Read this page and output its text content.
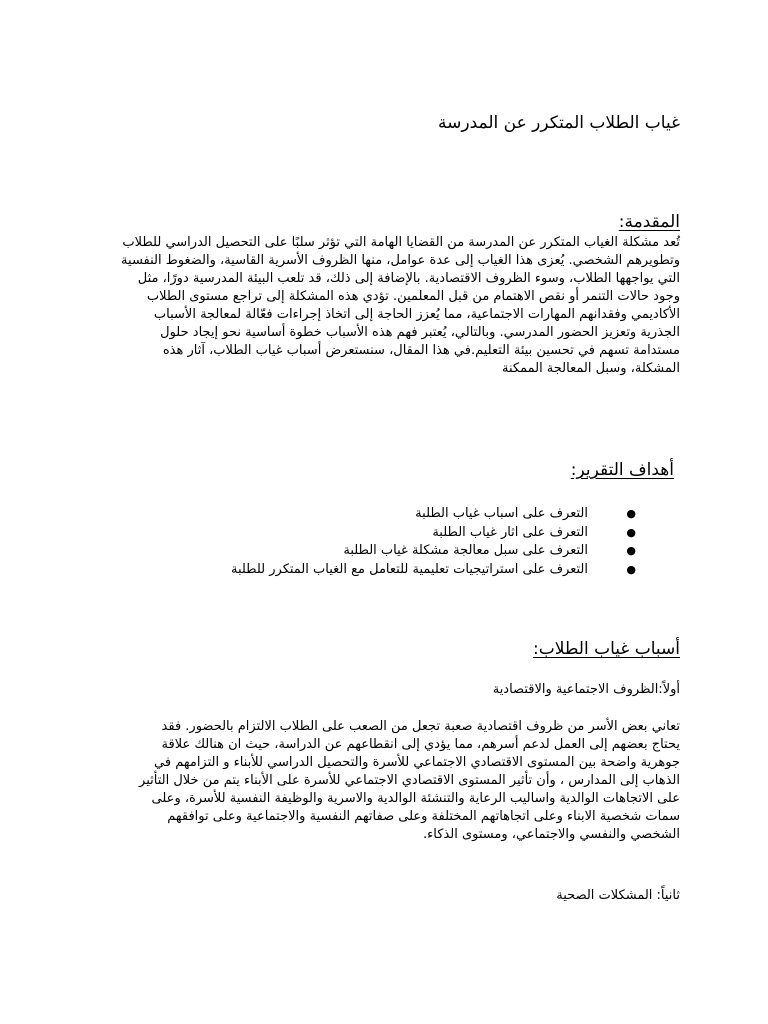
غياب الطلاب المتكرر عن المدرسة
المقدمة:

تُعد مشكلة الغياب المتكرر عن المدرسة من القضايا الهامة التي تؤثر سلبًا على التحصيل الدراسي للطلاب

وتطويرهم الشخصي. يُعزى هذا الغياب إلى عدة عوامل، منها الظروف الأسرية القاسية، والضغوط النفسية

التي يواجهها الطلاب، وسوء الظروف الاقتصادية. بالإضافة إلى ذلك، قد تلعب البيئة المدرسية دورًا، مثل

وجود حالات التنمر أو نقص الاهتمام من قبل المعلمين. تؤدي هذه المشكلة إلى تراجع مستوى الطلاب

الأكاديمي وفقدانهم المهارات الاجتماعية، مما يُعزز الحاجة إلى اتخاذ إجراءات فعّالة لمعالجة الأسباب

الجذرية وتعزيز الحضور المدرسي. وبالتالي، يُعتبر فهم هذه الأسباب خطوة أساسية نحو إيجاد حلول

مستدامة تسهم في تحسين بيئة التعليم.في هذا المقال، سنستعرض أسباب غياب الطلاب، آثار هذه

المشكلة، وسبل المعالجة الممكنة

أهداف التقرير:
●
التعرف على اسباب غياب الطلبة
●
التعرف على اثار غياب الطلبة
●
التعرف على سبل معالجة مشكلة غياب الطلبة
●
التعرف على استراتيجيات تعليمية للتعامل مع الغياب المتكرر للطلبة
أسباب غياب الطلاب:

أولاً:الظروف الاجتماعية والاقتصادية

تعاني بعض الأسر من ظروف اقتصادية صعبة تجعل من الصعب على الطلاب الالتزام بالحضور. فقد

يحتاج بعضهم إلى العمل لدعم أسرهم، مما يؤدي إلى انقطاعهم عن الدراسة، حيث ان هنالك علاقة

جوهرية واضحة بين المستوى الاقتصادي الاجتماعي للأسرة والتحصيل الدراسي للأبناء و التزامهم في

الذهاب إلى المدارس ، وأن تأثير المستوى الاقتصادي الاجتماعي للأسرة على الأبناء يتم من خلال التأثير

على الاتجاهات الوالدية واساليب الرعاية والتنشئة الوالدية والاسرية والوظيفة النفسية للأسرة، وعلى

سمات شخصية الابناء وعلى اتجاهاتهم المختلفة وعلى صفاتهم النفسية والاجتماعية وعلى توافقهم

الشخصي والنفسي والاجتماعي، ومستوى الذكاء.

ثانياً: المشكلات الصحية
